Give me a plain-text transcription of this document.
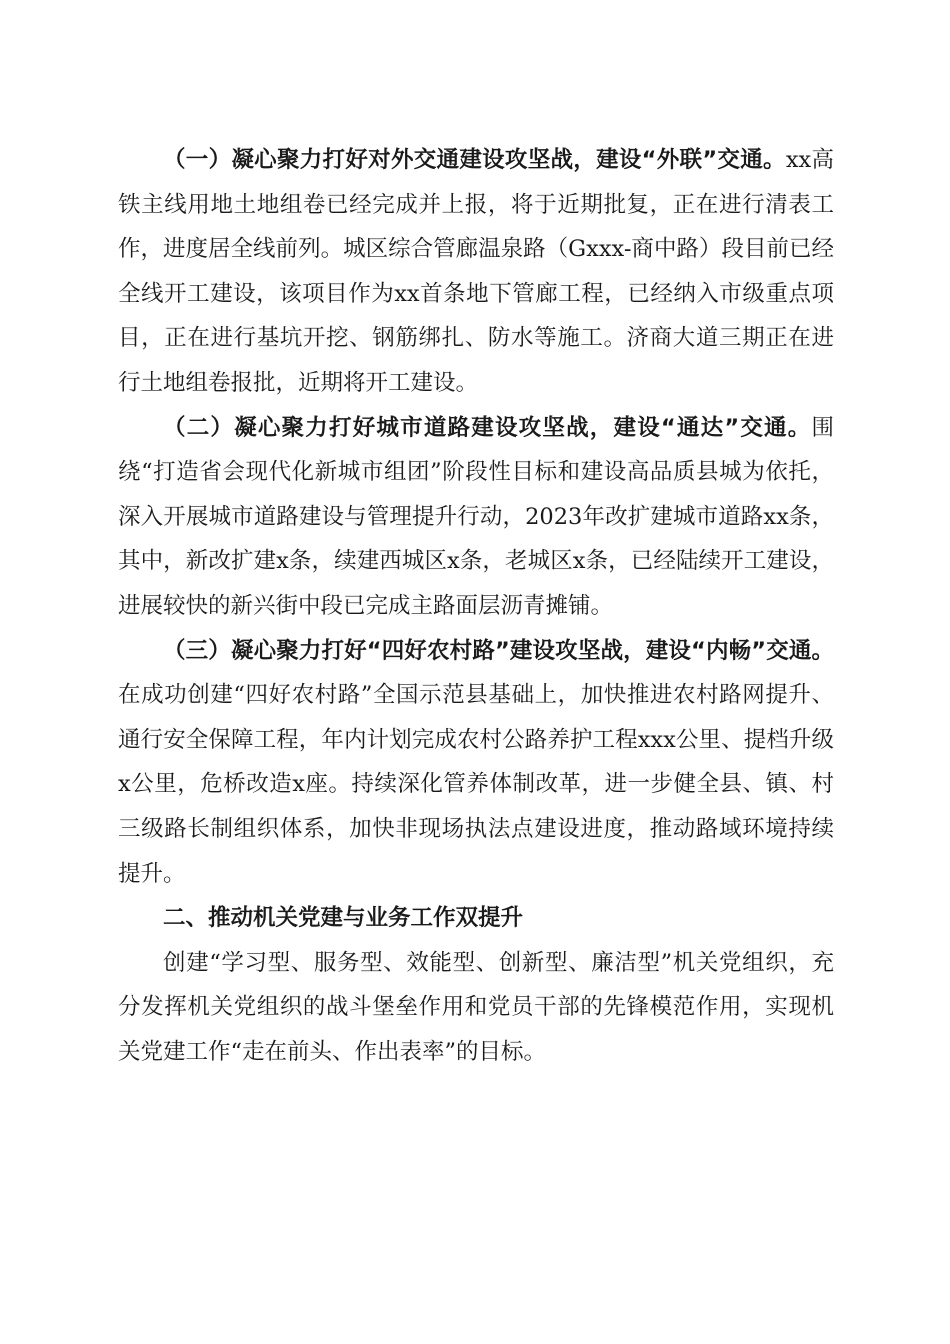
（一）凝心聚力打好对外交通建设攻坚战，建设“外联”交通。xx高铁主线用地土地组卷已经完成并上报，将于近期批复，正在进行清表工作，进度居全线前列。城区综合管廊温泉路（Gxxx-商中路）段目前已经全线开工建设，该项目作为xx首条地下管廊工程，已经纳入市级重点项目，正在进行基坑开挖、钢筋绑扎、防水等施工。济商大道三期正在进行土地组卷报批，近期将开工建设。

（二）凝心聚力打好城市道路建设攻坚战，建设“通达”交通。围绕“打造省会现代化新城市组团”阶段性目标和建设高品质县城为依托，深入开展城市道路建设与管理提升行动，2023年改扩建城市道路xx条，其中，新改扩建x条，续建西城区x条，老城区x条，已经陆续开工建设，进展较快的新兴街中段已完成主路面层沥青摊铺。

（三）凝心聚力打好“四好农村路”建设攻坚战，建设“内畅”交通。在成功创建“四好农村路”全国示范县基础上，加快推进农村路网提升、通行安全保障工程，年内计划完成农村公路养护工程xxx公里、提档升级x公里，危桥改造x座。持续深化管养体制改革，进一步健全县、镇、村三级路长制组织体系，加快非现场执法点建设进度，推动路域环境持续提升。

二、推动机关党建与业务工作双提升

创建“学习型、服务型、效能型、创新型、廉洁型”机关党组织，充分发挥机关党组织的战斗堡垒作用和党员干部的先锋模范作用，实现机关党建工作“走在前头、作出表率”的目标。
